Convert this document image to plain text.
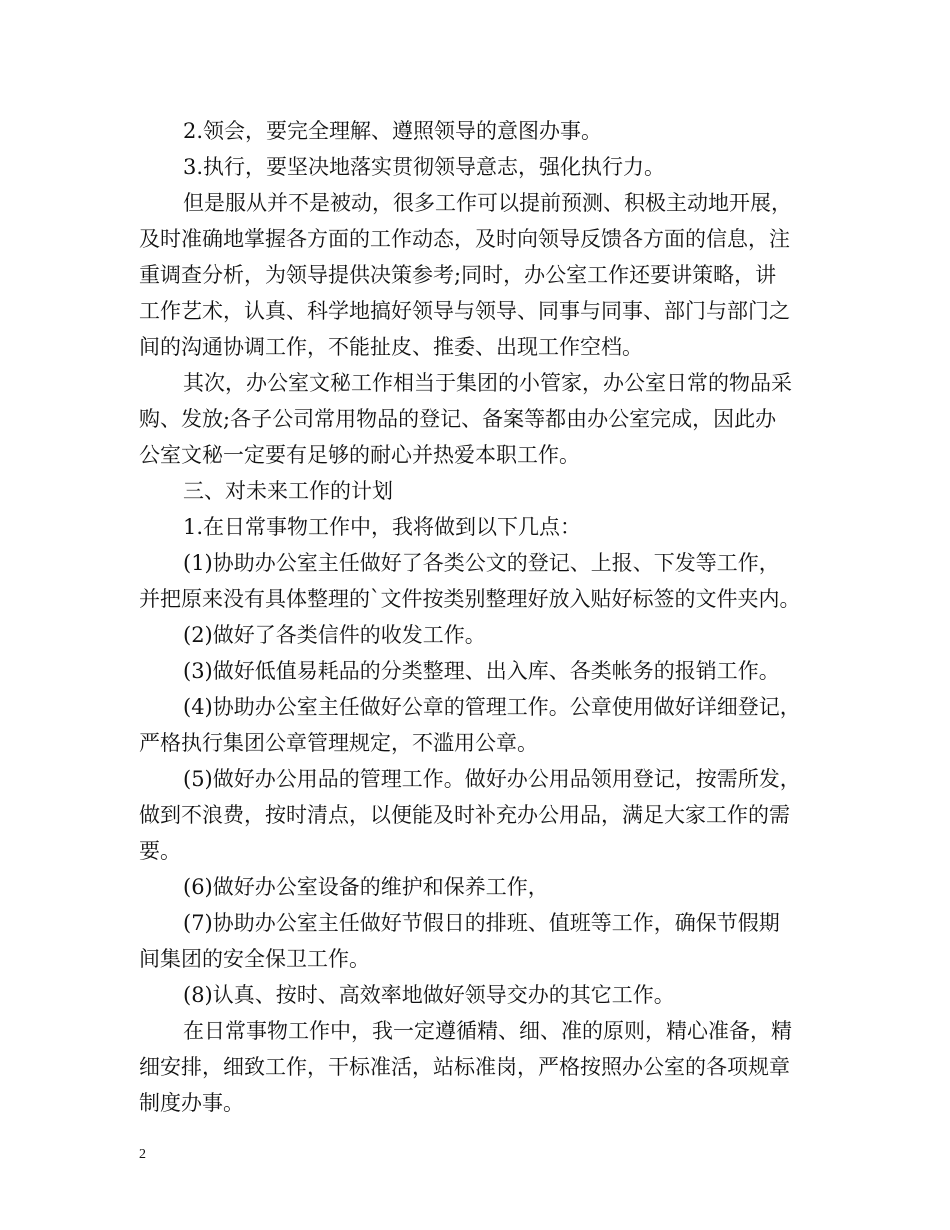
2.领会，要完全理解、遵照领导的意图办事。
3.执行，要坚决地落实贯彻领导意志，强化执行力。
但是服从并不是被动，很多工作可以提前预测、积极主动地开展，
及时准确地掌握各方面的工作动态，及时向领导反馈各方面的信息，注
重调查分析，为领导提供决策参考;同时，办公室工作还要讲策略，讲
工作艺术，认真、科学地搞好领导与领导、同事与同事、部门与部门之
间的沟通协调工作，不能扯皮、推委、出现工作空档。
其次，办公室文秘工作相当于集团的小管家，办公室日常的物品采
购、发放;各子公司常用物品的登记、备案等都由办公室完成，因此办
公室文秘一定要有足够的耐心并热爱本职工作。
三、对未来工作的计划
1.在日常事物工作中，我将做到以下几点：
(1)协助办公室主任做好了各类公文的登记、上报、下发等工作，
并把原来没有具体整理的`文件按类别整理好放入贴好标签的文件夹内。
(2)做好了各类信件的收发工作。
(3)做好低值易耗品的分类整理、出入库、各类帐务的报销工作。
(4)协助办公室主任做好公章的管理工作。公章使用做好详细登记，
严格执行集团公章管理规定，不滥用公章。
(5)做好办公用品的管理工作。做好办公用品领用登记，按需所发，
做到不浪费，按时清点，以便能及时补充办公用品，满足大家工作的需
要。
(6)做好办公室设备的维护和保养工作，
(7)协助办公室主任做好节假日的排班、值班等工作，确保节假期
间集团的安全保卫工作。
(8)认真、按时、高效率地做好领导交办的其它工作。
在日常事物工作中，我一定遵循精、细、准的原则，精心准备，精
细安排，细致工作，干标准活，站标准岗，严格按照办公室的各项规章
制度办事。
2
